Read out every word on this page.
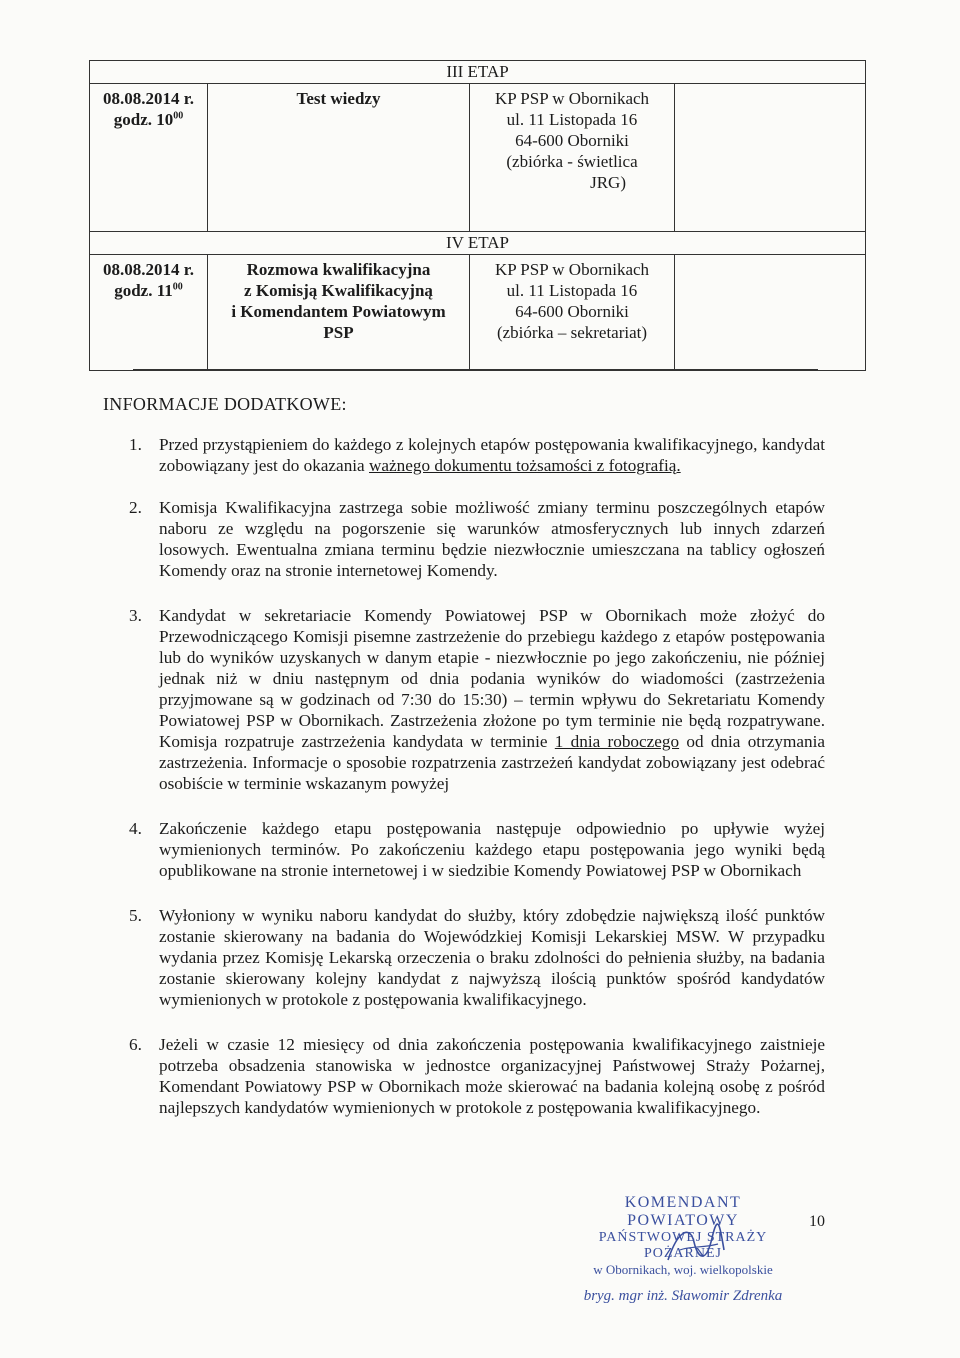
III ETAP			

08.08.2014 r.
godz. $10^{00}$	Test wiedzy	KP PSP w Obornikach
ul. 11 Listopada 16
64-600 Oborniki
(zbiórka - świetlica
JRG)	

IV ETAP			

08.08.2014 r.
godz. $11^{00}$	Rozmowa kwalifikacyjna
z Komisją Kwalifikacyjną
i Komendantem Powiatowym
PSP	KP PSP w Obornikach
ul. 11 Listopada 16
64-600 Oborniki
(zbiórka – sekretariat)	

INFORMACJE DODATKOWE:
1. Przed przystąpieniem do każdego z kolejnych etapów postępowania kwalifikacyjnego, kandydat zobowiązany jest do okazania ważnego dokumentu tożsamości z fotografią.
2. Komisja Kwalifikacyjna zastrzega sobie możliwość zmiany terminu poszczególnych etapów naboru ze względu na pogorszenie się warunków atmosferycznych lub innych zdarzeń losowych. Ewentualna zmiana terminu będzie niezwłocznie umieszczana na tablicy ogłoszeń Komendy oraz na stronie internetowej Komendy.
3. Kandydat w sekretariacie Komendy Powiatowej PSP w Obornikach może złożyć do Przewodniczącego Komisji pisemne zastrzeżenie do przebiegu każdego z etapów postępowania lub do wyników uzyskanych w danym etapie - niezwłocznie po jego zakończeniu, nie później jednak niż w dniu następnym od dnia podania wyników do wiadomości (zastrzeżenia przyjmowane są w godzinach od 7:30 do 15:30) – termin wpływu do Sekretariatu Komendy Powiatowej PSP w Obornikach. Zastrzeżenia złożone po tym terminie nie będą rozpatrywane. Komisja rozpatruje zastrzeżenia kandydata w terminie 1 dnia roboczego od dnia otrzymania zastrzeżenia. Informacje o sposobie rozpatrzenia zastrzeżeń kandydat zobowiązany jest odebrać osobiście w terminie wskazanym powyżej
4. Zakończenie każdego etapu postępowania następuje odpowiednio po upływie wyżej wymienionych terminów. Po zakończeniu każdego etapu postępowania jego wyniki będą opublikowane na stronie internetowej i w siedzibie Komendy Powiatowej PSP w Obornikach
5. Wyłoniony w wyniku naboru kandydat do służby, który zdobędzie największą ilość punktów zostanie skierowany na badania do Wojewódzkiej Komisji Lekarskiej MSW. W przypadku wydania przez Komisję Lekarską orzeczenia o braku zdolności do pełnienia służby, na badania zostanie skierowany kolejny kandydat z najwyższą ilością punktów spośród kandydatów wymienionych w protokole z postępowania kwalifikacyjnego.
6. Jeżeli w czasie 12 miesięcy od dnia zakończenia postępowania kwalifikacyjnego zaistnieje potrzeba obsadzenia stanowiska w jednostce organizacyjnej Państwowej Straży Pożarnej, Komendant Powiatowy PSP w Obornikach może skierować na badania kolejną osobę z pośród najlepszych kandydatów wymienionych w protokole z postępowania kwalifikacyjnego.
KOMENDANT POWIATOWY
PAŃSTWOWEJ STRAŻY POŻARNEJ
w Obornikach, woj. wielkopolskie
bryg. mgr inż. Sławomir Zdrenka
10
